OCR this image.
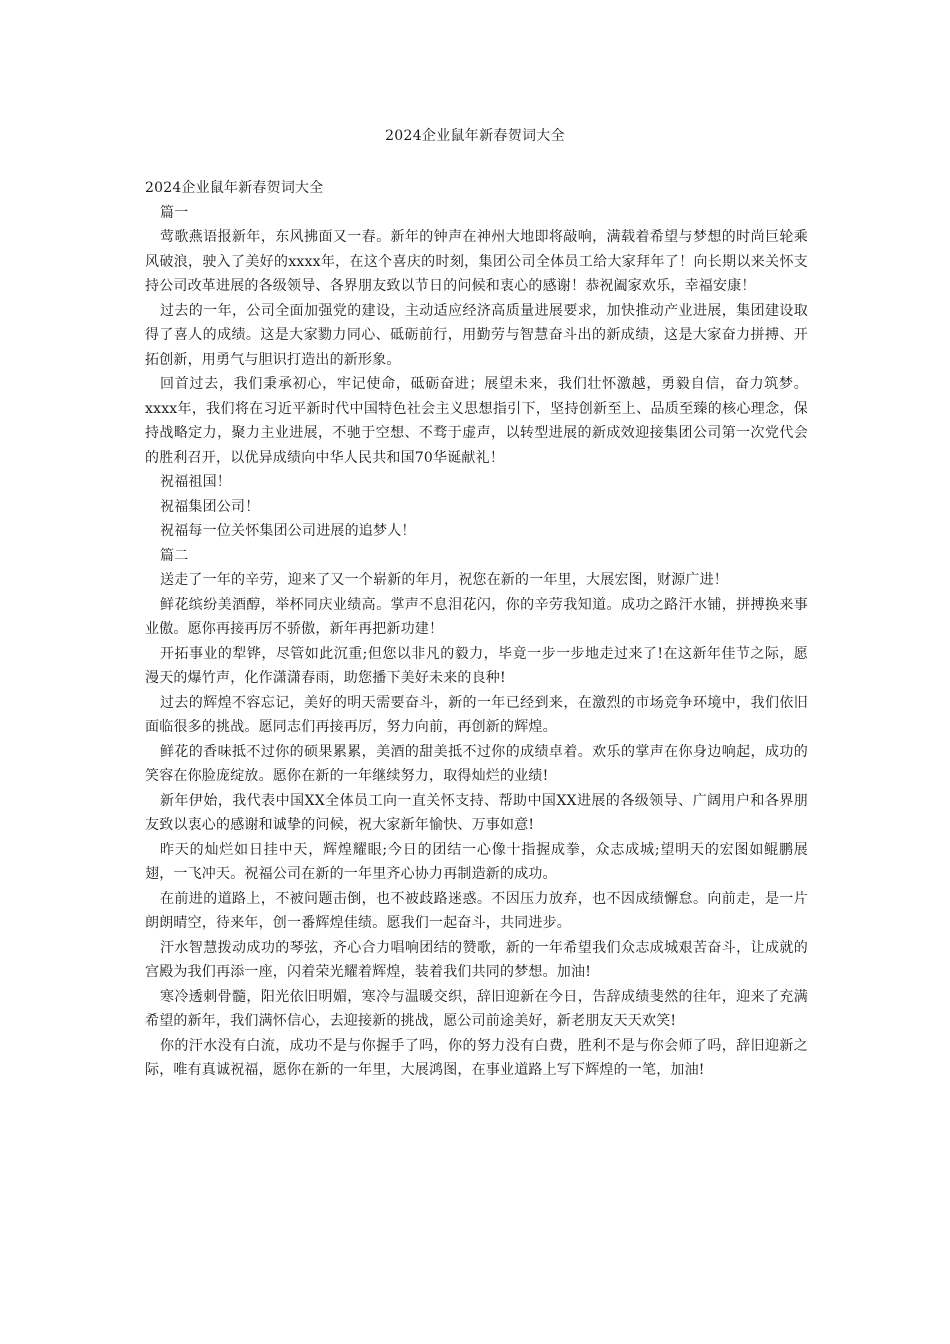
2024企业鼠年新春贺词大全

2024企业鼠年新春贺词大全

篇一

莺歌燕语报新年，东风拂面又一春。新年的钟声在神州大地即将敲响，满载着希望与梦想的时尚巨轮乘风破浪，驶入了美好的xxxx年，在这个喜庆的时刻，集团公司全体员工给大家拜年了！向长期以来关怀支持公司改革进展的各级领导、各界朋友致以节日的问候和衷心的感谢！恭祝阖家欢乐，幸福安康！

过去的一年，公司全面加强党的建设，主动适应经济高质量进展要求，加快推动产业进展，集团建设取得了喜人的成绩。这是大家勠力同心、砥砺前行，用勤劳与智慧奋斗出的新成绩，这是大家奋力拼搏、开拓创新，用勇气与胆识打造出的新形象。

回首过去，我们秉承初心，牢记使命，砥砺奋进；展望未来，我们壮怀激越，勇毅自信，奋力筑梦。xxxx年，我们将在习近平新时代中国特色社会主义思想指引下，坚持创新至上、品质至臻的核心理念，保持战略定力，聚力主业进展，不驰于空想、不骛于虚声，以转型进展的新成效迎接集团公司第一次党代会的胜利召开，以优异成绩向中华人民共和国70华诞献礼！

祝福祖国！

祝福集团公司！

祝福每一位关怀集团公司进展的追梦人！

篇二

送走了一年的辛劳，迎来了又一个崭新的年月，祝您在新的一年里，大展宏图，财源广进！

鲜花缤纷美酒醇，举杯同庆业绩高。掌声不息泪花闪，你的辛劳我知道。成功之路汗水铺，拼搏换来事业傲。愿你再接再厉不骄傲，新年再把新功建！

开拓事业的犁铧，尽管如此沉重;但您以非凡的毅力，毕竟一步一步地走过来了!在这新年佳节之际，愿漫天的爆竹声，化作潇潇春雨，助您播下美好未来的良种!

过去的辉煌不容忘记，美好的明天需要奋斗，新的一年已经到来，在激烈的市场竞争环境中，我们依旧面临很多的挑战。愿同志们再接再厉，努力向前，再创新的辉煌。

鲜花的香味抵不过你的硕果累累，美酒的甜美抵不过你的成绩卓着。欢乐的掌声在你身边响起，成功的笑容在你脸庞绽放。愿你在新的一年继续努力，取得灿烂的业绩!

新年伊始，我代表中国XX全体员工向一直关怀支持、帮助中国XX进展的各级领导、广阔用户和各界朋友致以衷心的感谢和诚挚的问候，祝大家新年愉快、万事如意!

昨天的灿烂如日挂中天，辉煌耀眼;今日的团结一心像十指握成拳，众志成城;望明天的宏图如鲲鹏展翅，一飞冲天。祝福公司在新的一年里齐心协力再制造新的成功。

在前进的道路上，不被问题击倒，也不被歧路迷惑。不因压力放弃，也不因成绩懈怠。向前走，是一片朗朗晴空，待来年，创一番辉煌佳绩。愿我们一起奋斗，共同进步。

汗水智慧拨动成功的琴弦，齐心合力唱响团结的赞歌，新的一年希望我们众志成城艰苦奋斗，让成就的宫殿为我们再添一座，闪着荣光耀着辉煌，装着我们共同的梦想。加油!

寒冷透刺骨髓，阳光依旧明媚，寒冷与温暖交织，辞旧迎新在今日，告辞成绩斐然的往年，迎来了充满希望的新年，我们满怀信心，去迎接新的挑战，愿公司前途美好，新老朋友天天欢笑!

你的汗水没有白流，成功不是与你握手了吗，你的努力没有白费，胜利不是与你会师了吗，辞旧迎新之际，唯有真诚祝福，愿你在新的一年里，大展鸿图，在事业道路上写下辉煌的一笔，加油!
